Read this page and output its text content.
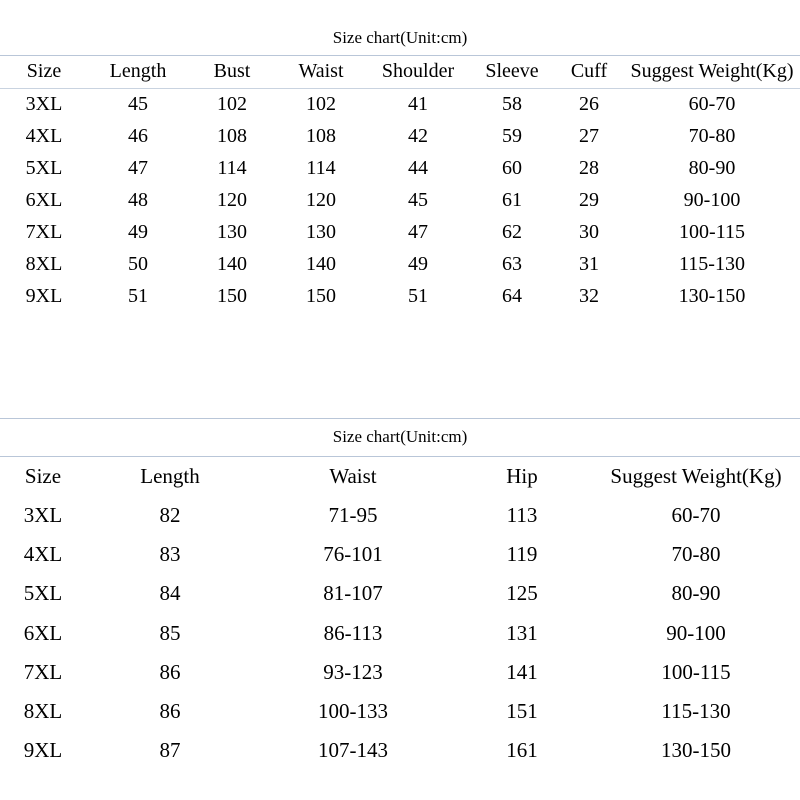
Size chart(Unit:cm)
Size	Length	Bust	Waist	Shoulder	Sleeve	Cuff	Suggest Weight(Kg)
3XL	45	102	102	41	58	26	60-70
4XL	46	108	108	42	59	27	70-80
5XL	47	114	114	44	60	28	80-90
6XL	48	120	120	45	61	29	90-100
7XL	49	130	130	47	62	30	100-115
8XL	50	140	140	49	63	31	115-130
9XL	51	150	150	51	64	32	130-150
Size chart(Unit:cm)
Size	Length	Waist	Hip	Suggest Weight(Kg)
3XL	82	71-95	113	60-70
4XL	83	76-101	119	70-80
5XL	84	81-107	125	80-90
6XL	85	86-113	131	90-100
7XL	86	93-123	141	100-115
8XL	86	100-133	151	115-130
9XL	87	107-143	161	130-150
